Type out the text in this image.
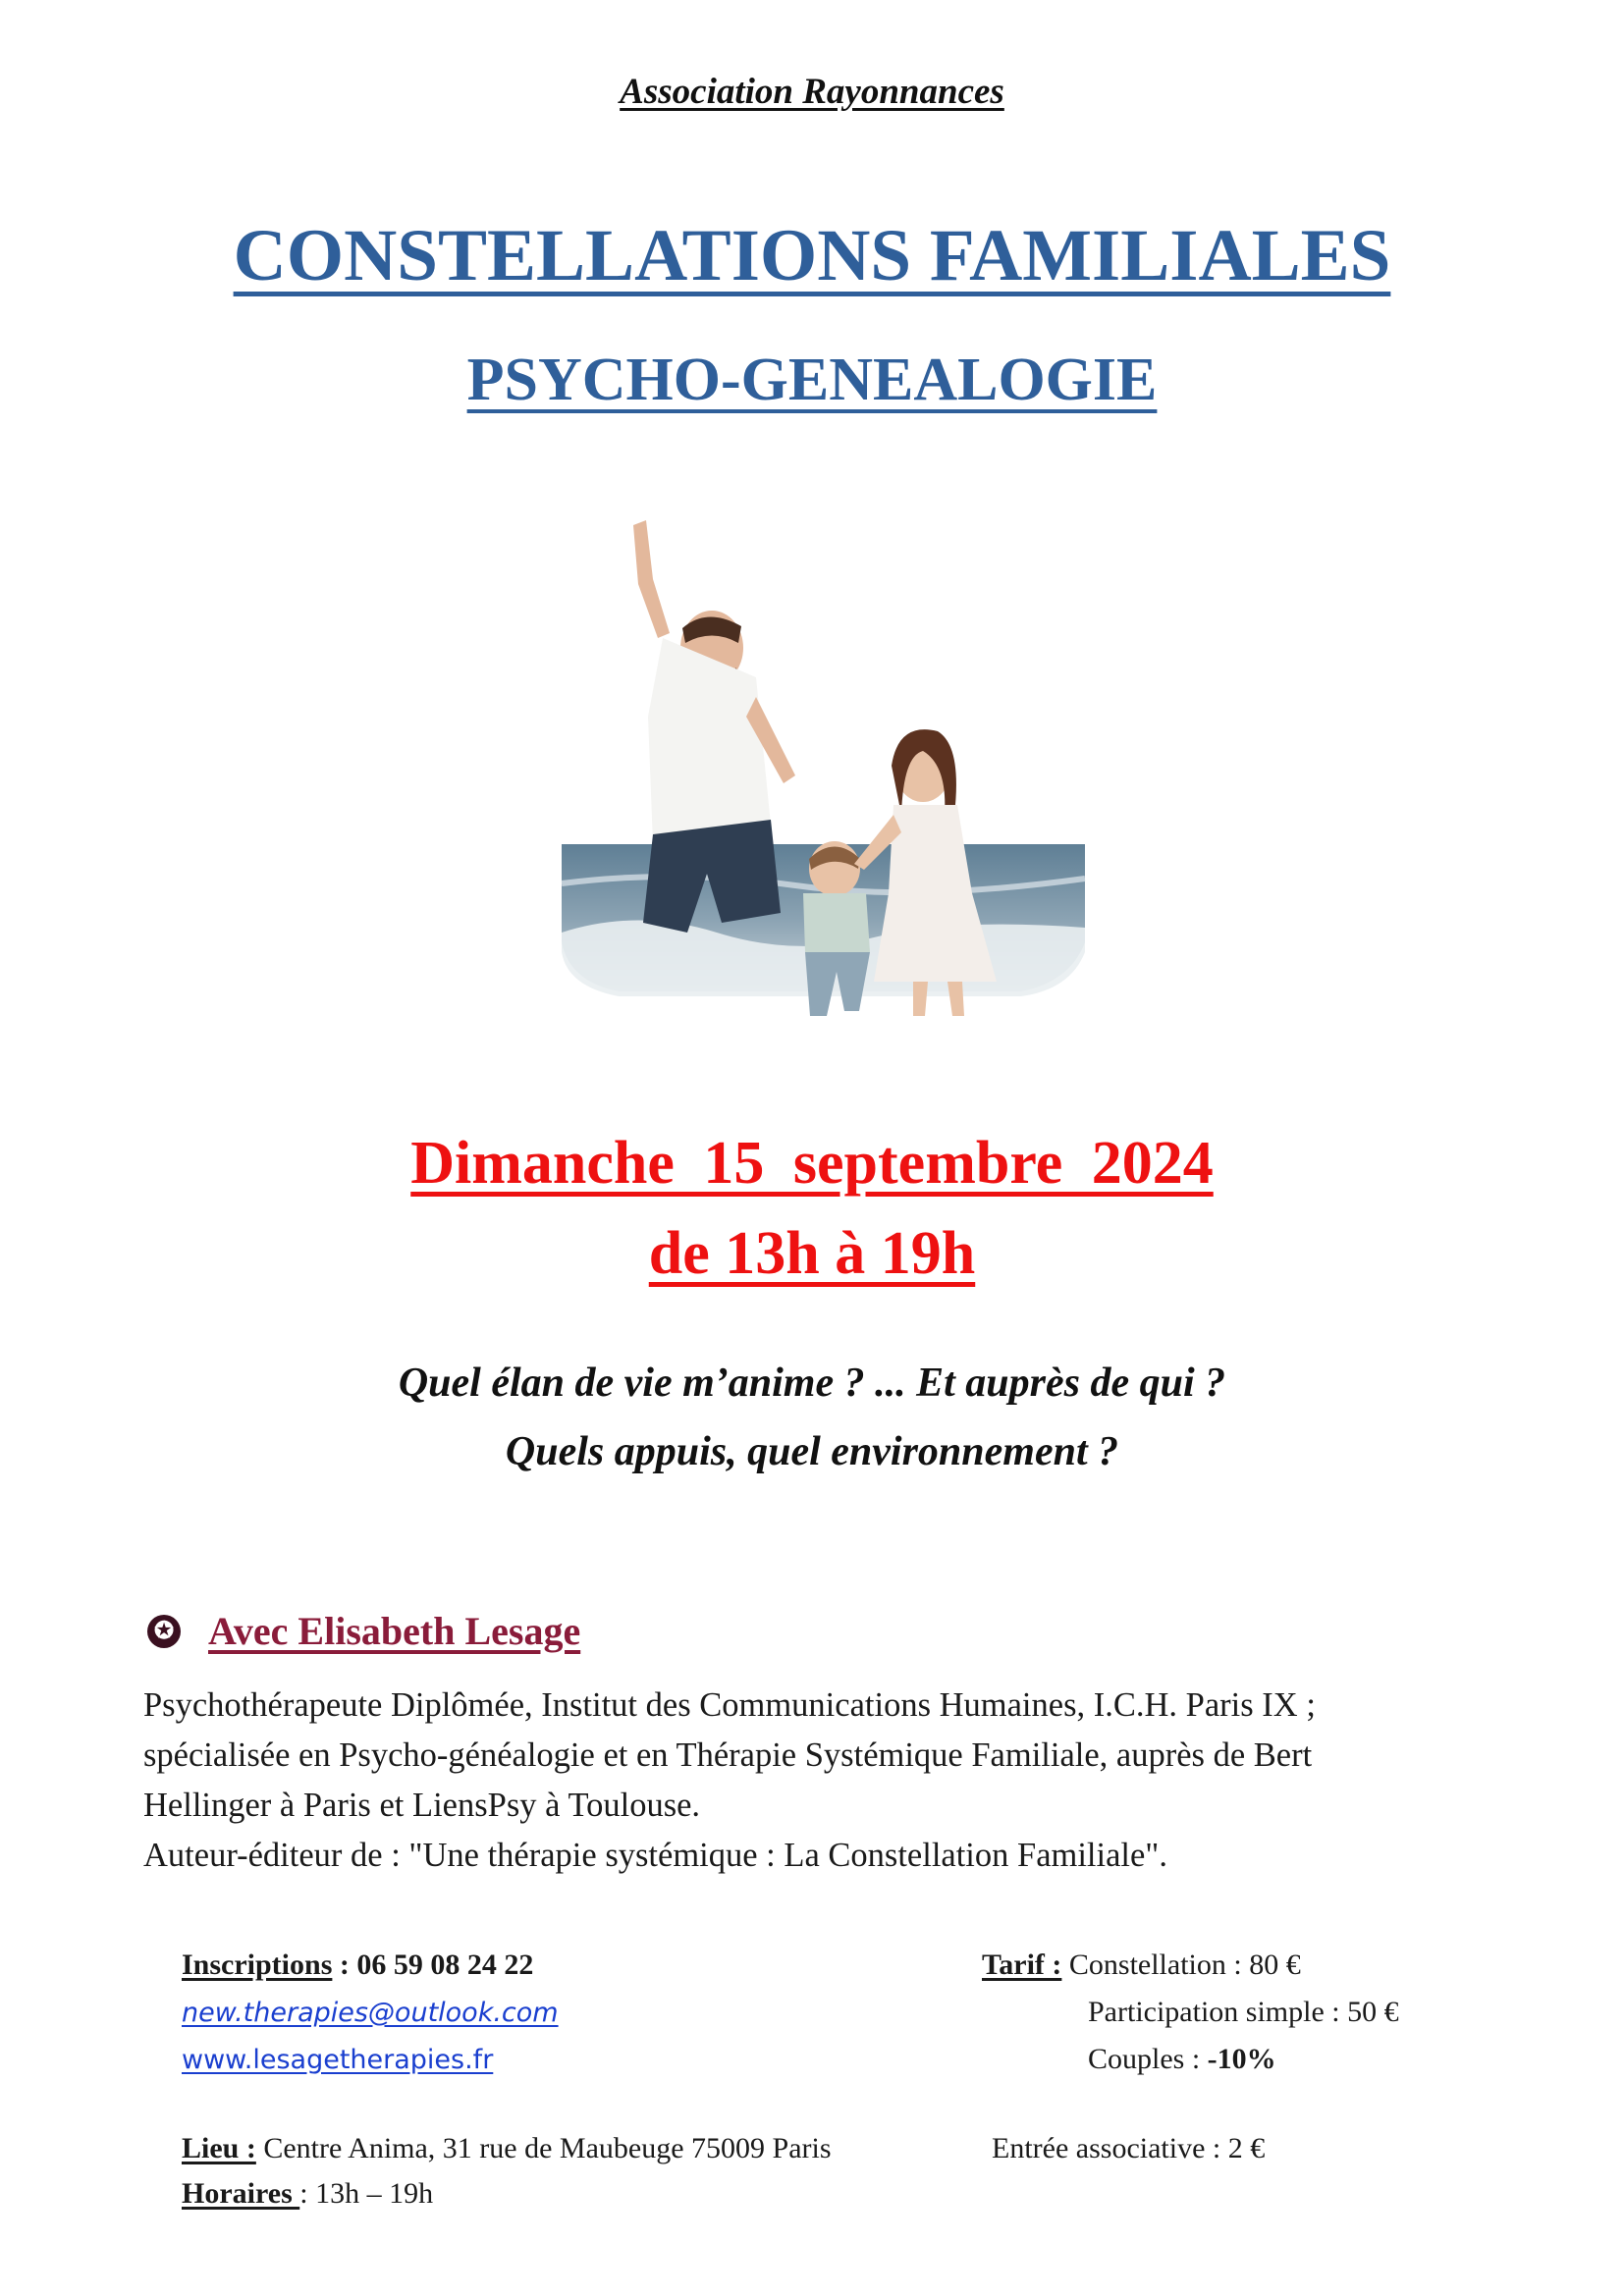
Association Rayonnances
CONSTELLATIONS FAMILIALES
PSYCHO-GENEALOGIE
Dimanche 15 septembre 2024
de 13h à 19h
Quel élan de vie m’anime ? ... Et auprès de qui ?
Quels appuis, quel environnement ?
✪ Avec Elisabeth Lesage

Psychothérapeute Diplômée, Institut des Communications Humaines, I.C.H. Paris IX ;

spécialisée en Psycho-généalogie et en Thérapie Systémique Familiale, auprès de Bert

Hellinger à Paris et LiensPsy à Toulouse.

Auteur-éditeur de : "Une thérapie systémique : La Constellation Familiale".

Inscriptions : 06 59 08 24 22
new.therapies@outlook.com
www.lesagetherapies.fr
Tarif : Constellation : 80 €
Participation simple : 50 €
Couples : -10%
Lieu : Centre Anima, 31 rue de Maubeuge 75009 Paris	Entrée associative : 2 €
Horaires : 13h – 19h
